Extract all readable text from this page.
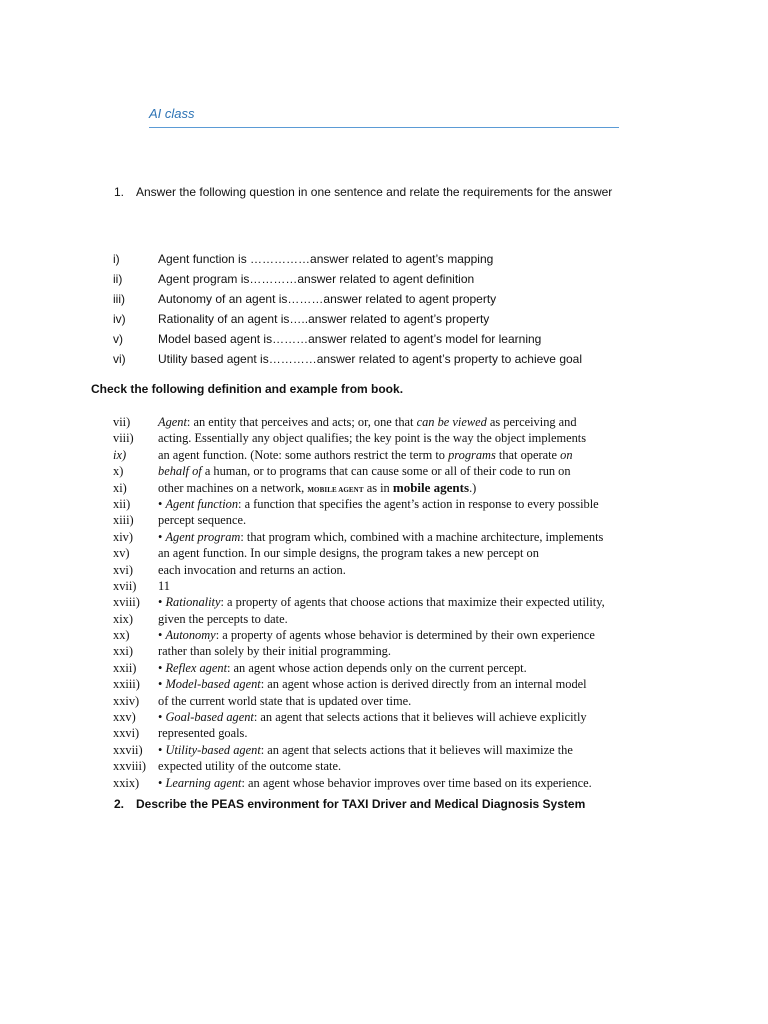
AI class
1. Answer the following question in one sentence and relate the requirements for the answer
i)	Agent function is ……………answer related to agent’s mapping
ii)	Agent program is…………answer related to agent definition
iii)	Autonomy of an agent is………answer related to agent property
iv)	Rationality of an agent is…..answer related to agent’s property
v)	Model based agent is………answer related to agent’s model for learning
vi)	Utility based agent is…………answer related to agent’s property to achieve goal
Check the following definition and example from book.
vii) Agent: an entity that perceives and acts; or, one that can be viewed as perceiving and
viii) acting. Essentially any object qualifies; the key point is the way the object implements
ix)	an agent function. (Note: some authors restrict the term to programs that operate on
x)	behalf of a human, or to programs that can cause some or all of their code to run on
xi)	other machines on a network, MOBILE AGENT as in mobile agents.)
xii) • Agent function: a function that specifies the agent’s action in response to every possible
xiii) percept sequence.
xiv) • Agent program: that program which, combined with a machine architecture, implements
xv) an agent function. In our simple designs, the program takes a new percept on
xvi) each invocation and returns an action.
xvii) 11
xviii) • Rationality: a property of agents that choose actions that maximize their expected utility,
xix) given the percepts to date.
xx) • Autonomy: a property of agents whose behavior is determined by their own experience
xxi) rather than solely by their initial programming.
xxii) • Reflex agent: an agent whose action depends only on the current percept.
xxiii) • Model-based agent: an agent whose action is derived directly from an internal model
xxiv) of the current world state that is updated over time.
xxv) • Goal-based agent: an agent that selects actions that it believes will achieve explicitly
xxvi) represented goals.
xxvii) • Utility-based agent: an agent that selects actions that it believes will maximize the
xxviii) expected utility of the outcome state.
xxix) • Learning agent: an agent whose behavior improves over time based on its experience.
2. Describe the PEAS environment for TAXI Driver and Medical Diagnosis System
